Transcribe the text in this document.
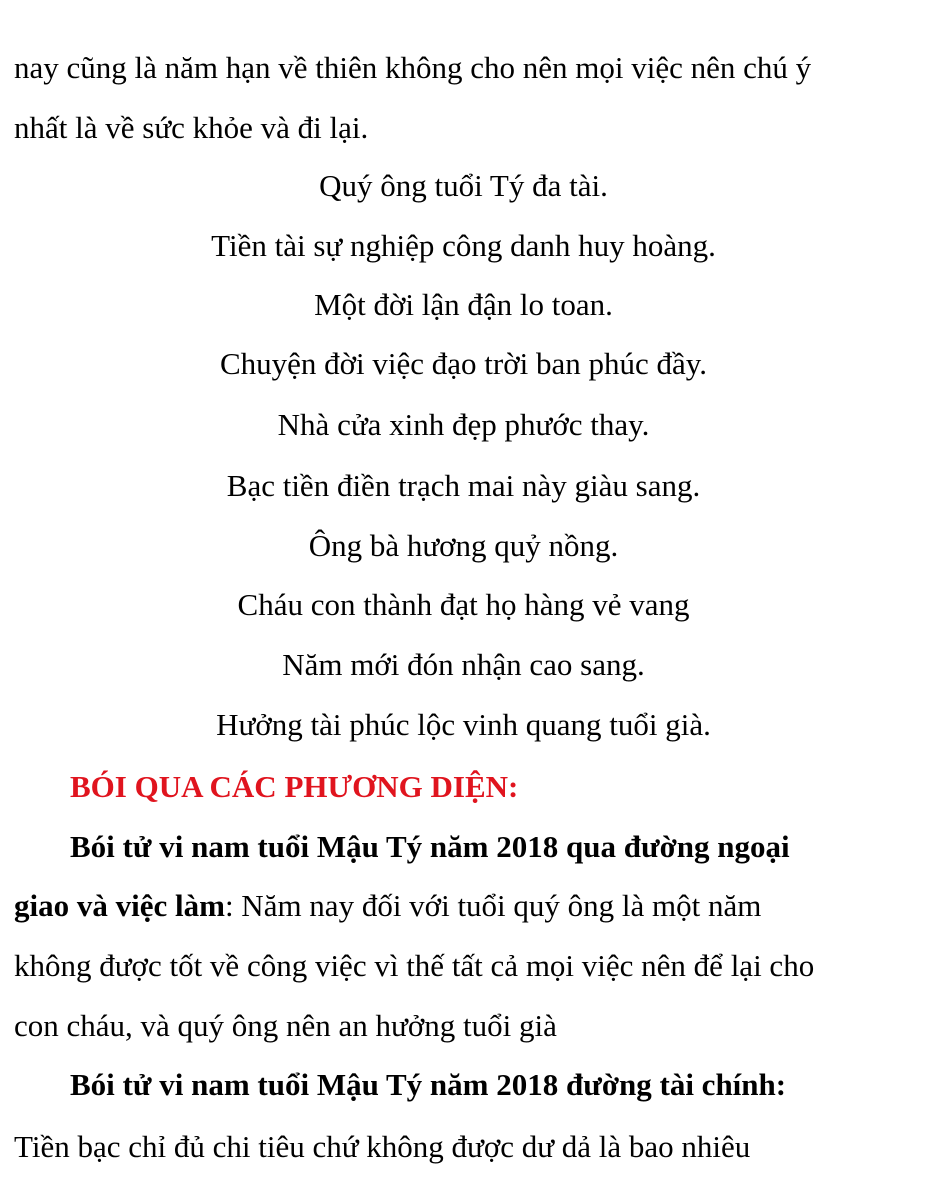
nay cũng là năm hạn về thiên không cho nên mọi việc nên chú ý
nhất là về sức khỏe và đi lại.
Quý ông tuổi Tý đa tài.
Tiền tài sự nghiệp công danh huy hoàng.
Một đời lận đận lo toan.
Chuyện đời việc đạo trời ban phúc đầy.
Nhà cửa xinh đẹp phước thay.
Bạc tiền điền trạch mai này giàu sang.
Ông bà hương quỷ nồng.
Cháu con thành đạt họ hàng vẻ vang
Năm mới đón nhận cao sang.
Hưởng tài phúc lộc vinh quang tuổi già.
BÓI QUA CÁC PHƯƠNG DIỆN:
Bói tử vi nam tuổi Mậu Tý năm 2018 qua đường ngoại
giao và việc làm: Năm nay đối với tuổi quý ông là một năm
không được tốt về công việc vì thế tất cả mọi việc nên để lại cho
con cháu, và quý ông nên an hưởng tuổi già
Bói tử vi nam tuổi Mậu Tý năm 2018 đường tài chính:
Tiền bạc chỉ đủ chi tiêu chứ không được dư dả là bao nhiêu
